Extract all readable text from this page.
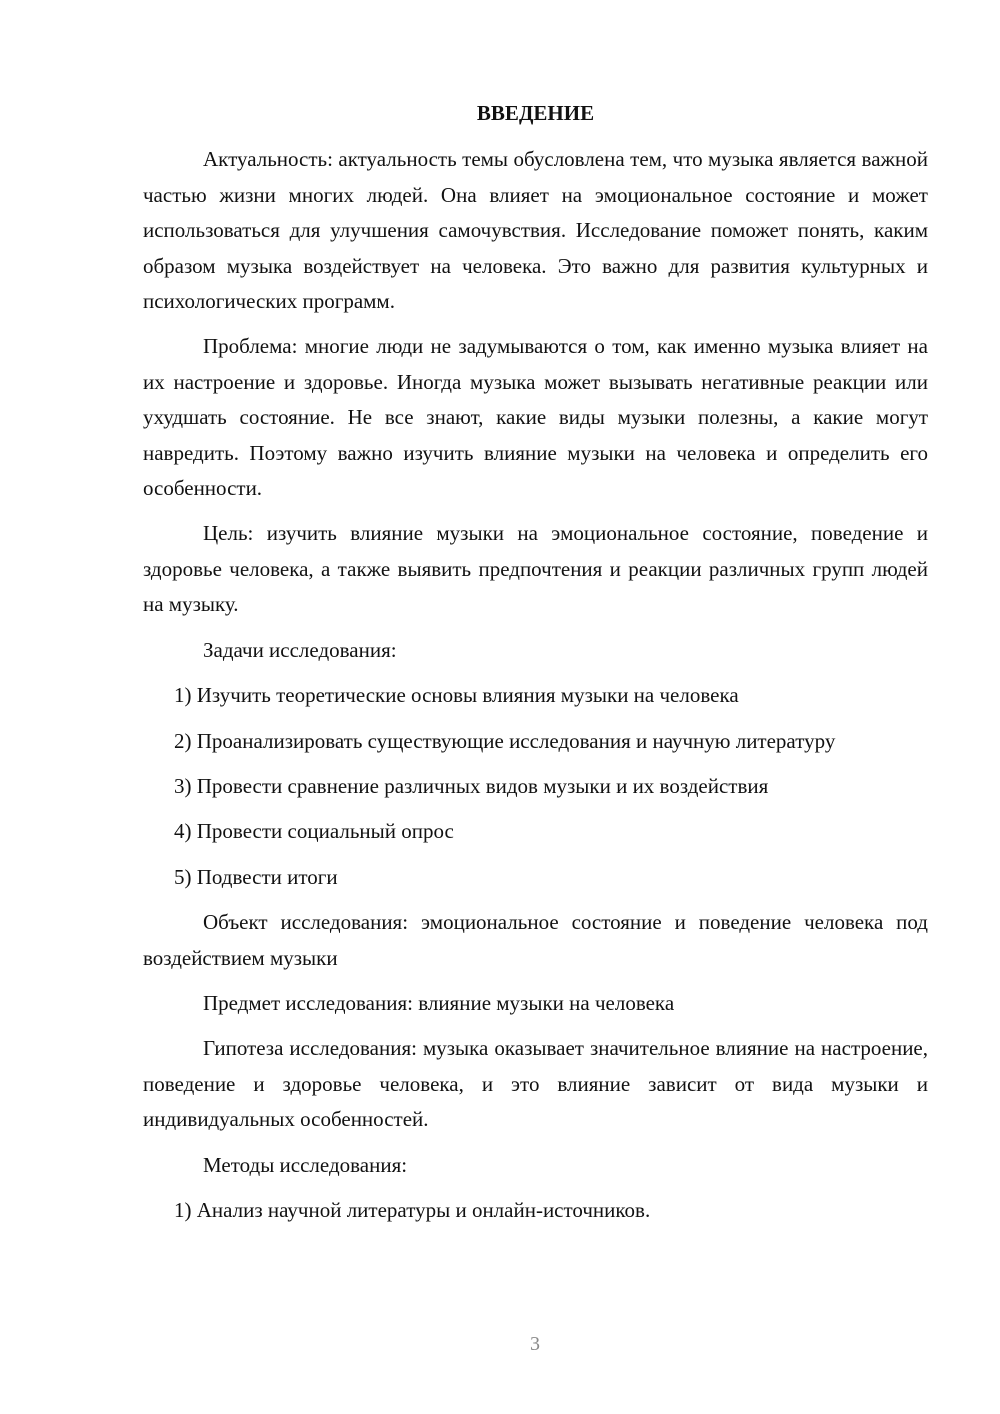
ВВЕДЕНИЕ

Актуальность: актуальность темы обусловлена тем, что музыка является важной частью жизни многих людей. Она влияет на эмоциональное состояние и может использоваться для улучшения самочувствия. Исследование поможет понять, каким образом музыка воздействует на человека. Это важно для развития культурных и психологических программ.

Проблема: многие люди не задумываются о том, как именно музыка влияет на их настроение и здоровье. Иногда музыка может вызывать негативные реакции или ухудшать состояние. Не все знают, какие виды музыки полезны, а какие могут навредить. Поэтому важно изучить влияние музыки на человека и определить его особенности.

Цель: изучить влияние музыки на эмоциональное состояние, поведение и здоровье человека, а также выявить предпочтения и реакции различных групп людей на музыку.

Задачи исследования:

1) Изучить теоретические основы влияния музыки на человека

2) Проанализировать существующие исследования и научную литературу

3) Провести сравнение различных видов музыки и их воздействия

4) Провести социальный опрос

5) Подвести итоги

Объект исследования: эмоциональное состояние и поведение человека под воздействием музыки

Предмет исследования: влияние музыки на человека

Гипотеза исследования: музыка оказывает значительное влияние на настроение, поведение и здоровье человека, и это влияние зависит от вида музыки и индивидуальных особенностей.

Методы исследования:

1) Анализ научной литературы и онлайн-источников.

3
